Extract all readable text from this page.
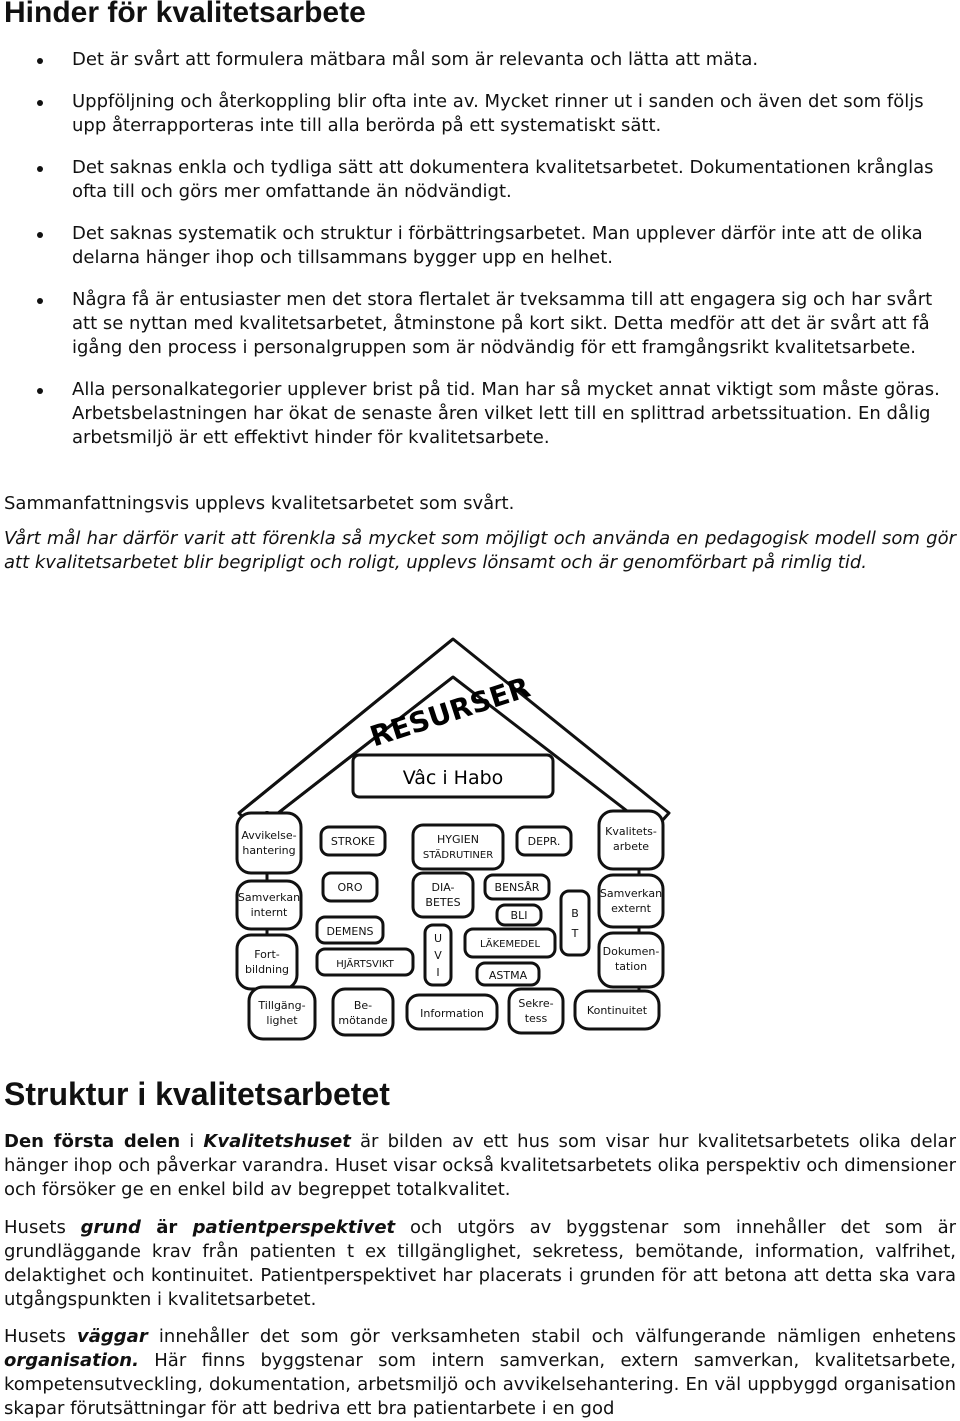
Hinder för kvalitetsarbete
Det är svårt att formulera mätbara mål som är relevanta och lätta att mäta.
Uppföljning och återkoppling blir ofta inte av. Mycket rinner ut i sanden och även det som följs upp återrapporteras inte till alla berörda på ett systematiskt sätt.
Det saknas enkla och tydliga sätt att dokumentera kvalitetsarbetet. Dokumentationen krånglas ofta till och görs mer omfattande än nödvändigt.
Det saknas systematik och struktur i förbättringsarbetet. Man upplever därför inte att de olika delarna hänger ihop och tillsammans bygger upp en helhet.
Några få är entusiaster men det stora flertalet är tveksamma till att engagera sig och har svårt att se nyttan med kvalitetsarbetet, åtminstone på kort sikt. Detta medför att det är svårt att få igång den process i personalgruppen som är nödvändig för ett framgångsrikt kvalitetsarbete.
Alla personalkategorier upplever brist på tid. Man har så mycket annat viktigt som måste göras. Arbetsbelastningen har ökat de senaste åren vilket lett till en splittrad arbetssituation. En dålig arbetsmiljö är ett effektivt hinder för kvalitetsarbete.

Sammanfattningsvis upplevs kvalitetsarbetet som svårt.

Vårt mål har därför varit att förenkla så mycket som möjligt och använda en pedagogisk modell som gör att kvalitetsarbetet blir begripligt och roligt, upplevs lönsamt och är genomförbart på rimlig tid.

RESURSER
Vâc i Habo
Avvikelse-
hantering
STROKE	HYGIEN
STÄDRUTINER
DEPR.
Kvalitets-
arbete
Samverkan
internt
ORO	DIA-
BETES
BENSÅR
BLI	B
T
Samverkan
externt
DEMENS
Fort-
bildning	HJÄRTSVIKT
U
V
I
LÄKEMEDEL
ASTMA
Dokumen-
tation
Tillgäng-
lighet
Be-
mötande
Information
Sekre-
tess
Kontinuitet
Struktur i kvalitetsarbetet

Den första delen i Kvalitetshuset är bilden av ett hus som visar hur kvalitetsarbetets olika delar hänger ihop och påverkar varandra. Huset visar också kvalitetsarbetets olika perspektiv och dimensioner och försöker ge en enkel bild av begreppet totalkvalitet.

Husets grund är patientperspektivet och utgörs av byggstenar som innehåller det som är grundläggande krav från patienten t ex tillgänglighet, sekretess, bemötande, information, valfrihet, delaktighet och kontinuitet. Patientperspektivet har placerats i grunden för att betona att detta ska vara utgångspunkten i kvalitetsarbetet.

Husets väggar innehåller det som gör verksamheten stabil och välfungerande nämligen enhetens organisation. Här finns byggstenar som intern samverkan, extern samverkan, kvalitetsarbete, kompetensutveckling, dokumentation, arbetsmiljö och avvikelsehantering. En väl uppbyggd organisation skapar förutsättningar för att bedriva ett bra patientarbete i en god
